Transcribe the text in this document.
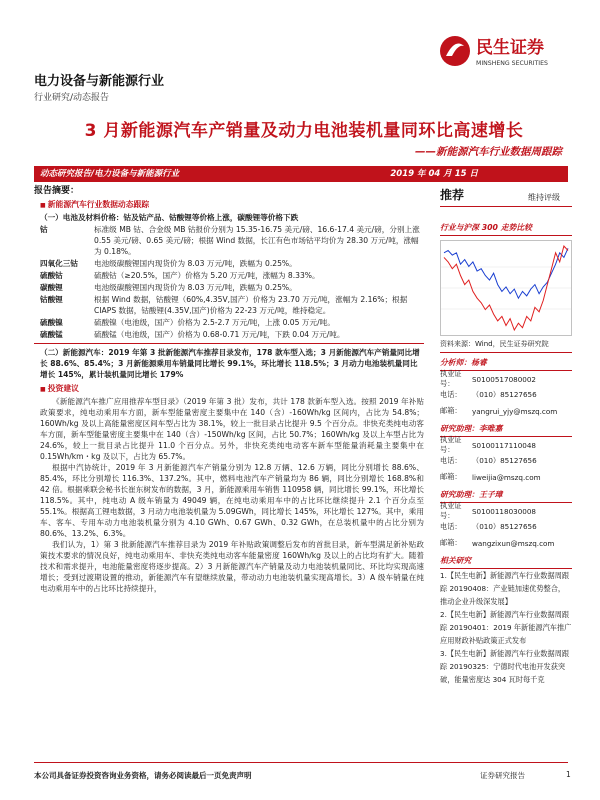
民生证券
MINSHENG SECURITIES
电力设备与新能源行业
行业研究/动态报告
3 月新能源汽车产销量及动力电池装机量同环比高速增长
——新能源汽车行业数据周跟踪
动态研究报告/电力设备与新能源行业	2019 年 04 月 15 日
报告摘要：
■ 新能源汽车行业数据动态跟踪
（一）电池及材料价格：钴及钴产品、钴酸锂等价格上涨，碳酸锂等价格下跌
钴	标准级 MB 钴、合金级 MB 钴报价分别为 15.35-16.75 美元/磅、16.6-17.4 美元/磅，分别上涨 0.55 美元/磅、0.65 美元/磅；根据 Wind 数据，长江有色市场钴平均价为 28.30 万元/吨，涨幅为 0.18%。
四氧化三钴	电池级碳酸锂国内现货价为 8.03 万元/吨，跌幅为 0.25%。
硫酸钴	硫酸钴（≥20.5%，国产）价格为 5.20 万元/吨，涨幅为 8.33%。
碳酸锂	电池级碳酸锂国内现货价为 8.03 万元/吨，跌幅为 0.25%。
钴酸锂	根据 Wind 数据，钴酸锂（60%,4.35V,国产）价格为 23.70 万元/吨，涨幅为 2.16%；根据 CIAPS 数据，钴酸锂(4.35V,国产)价格为 22-23 万元/吨，维持稳定。
硫酸镍	硫酸镍（电池级，国产）价格为 2.5-2.7 万元/吨，上涨 0.05 万元/吨。
硫酸锰	硫酸锰（电池级，国产）价格为 0.68-0.71 万元/吨，下跌 0.04 万元/吨。
（二）新能源汽车：2019 年第 3 批新能源汽车推荐目录发布，178 款车型入选；3 月新能源汽车产销量同比增长 88.6%、85.4%；3 月新能源乘用车销量同比增长 99.1%，环比增长 118.5%；3 月动力电池装机量同比增长 145%，累计装机量同比增长 179%
■ 投资建议

《新能源汽车推广应用推荐车型目录》（2019 年第 3 批）发布，共计 178 款新车型入选。按照 2019 年补贴政策要求，纯电动乘用车方面，新车型能量密度主要集中在 140（含）-160Wh/kg 区间内，占比为 54.8%；160Wh/kg 及以上高能量密度区间车型占比为 38.1%，较上一批目录占比提升 9.5 个百分点。非快充类纯电动客车方面，新车型能量密度主要集中在 140（含）-150Wh/kg 区间，占比 50.7%；160Wh/kg 及以上车型占比为 24.6%，较上一批目录占比提升 11.0 个百分点。另外，非快充类纯电动客车新车型能量消耗量主要集中在 0.15Wh/km・kg 及以下，占比为 65.7%。

根据中汽协统计，2019 年 3 月新能源汽车产销量分别为 12.8 万辆、12.6 万辆，同比分别增长 88.6%、85.4%，环比分别增长 116.3%、137.2%。其中，燃料电池汽车产销量均为 86 辆，同比分别增长 168.8%和 42 倍。根据乘联会秘书长崔东树发布的数据，3 月，新能源乘用车销售 110958 辆，同比增长 99.1%，环比增长 118.5%。其中，纯电动 A 级车销量为 49049 辆，在纯电动乘用车中的占比环比继续提升 2.1 个百分点至 55.1%。根据高工锂电数据，3 月动力电池装机量为 5.09GWh，同比增长 145%，环比增长 127%。其中，乘用车、客车、专用车动力电池装机量分别为 4.10 GWh、0.67 GWh、0.32 GWh，在总装机量中的占比分别为 80.6%、13.2%、6.3%。

我们认为，1）第 3 批新能源汽车推荐目录为 2019 年补贴政策调整后发布的首批目录，新车型满足新补贴政策技术要求的情况良好，纯电动乘用车、非快充类纯电动客车能量密度 160Wh/kg 及以上的占比均有扩大。随着技术和需求提升，电池能量密度将逐步提高。2）3 月新能源汽车产销量及动力电池装机量同比、环比均实现高速增长；受到过渡期设置的推动，新能源汽车有望继续放量，带动动力电池装机量实现高增长。3）A 级车销量在纯电动乘用车中的占比环比持续提升，

推荐	维持评级
行业与沪深 300 走势比较
资料来源：Wind，民生证券研究院
分析师：杨睿
执业证号：	S0100517080002
电话：	（010）85127656
邮箱：	yangrui_yjy@mszq.com
研究助理：李唯嘉
执业证号：	S0100117110048
电话：	（010）85127656
邮箱：	liweijia@mszq.com
研究助理：王子璋
执业证号：	S0100118030008
电话：	（010）85127656
邮箱：	wangzixun@mszq.com
相关研究
1.【民生电新】新能源汽车行业数据周跟踪 20190408：产业链加速优势整合，推动企业升级深发展】
2.【民生电新】新能源汽车行业数据周跟踪 20190401：2019 年新能源汽车推广应用财政补贴政策正式发布
3.【民生电新】新能源汽车行业数据周跟踪 20190325：宁德时代电池开发获突破，能量密度达 304 瓦时每千克
本公司具备证券投资咨询业务资格，请务必阅读最后一页免责声明	证券研究报告	1
